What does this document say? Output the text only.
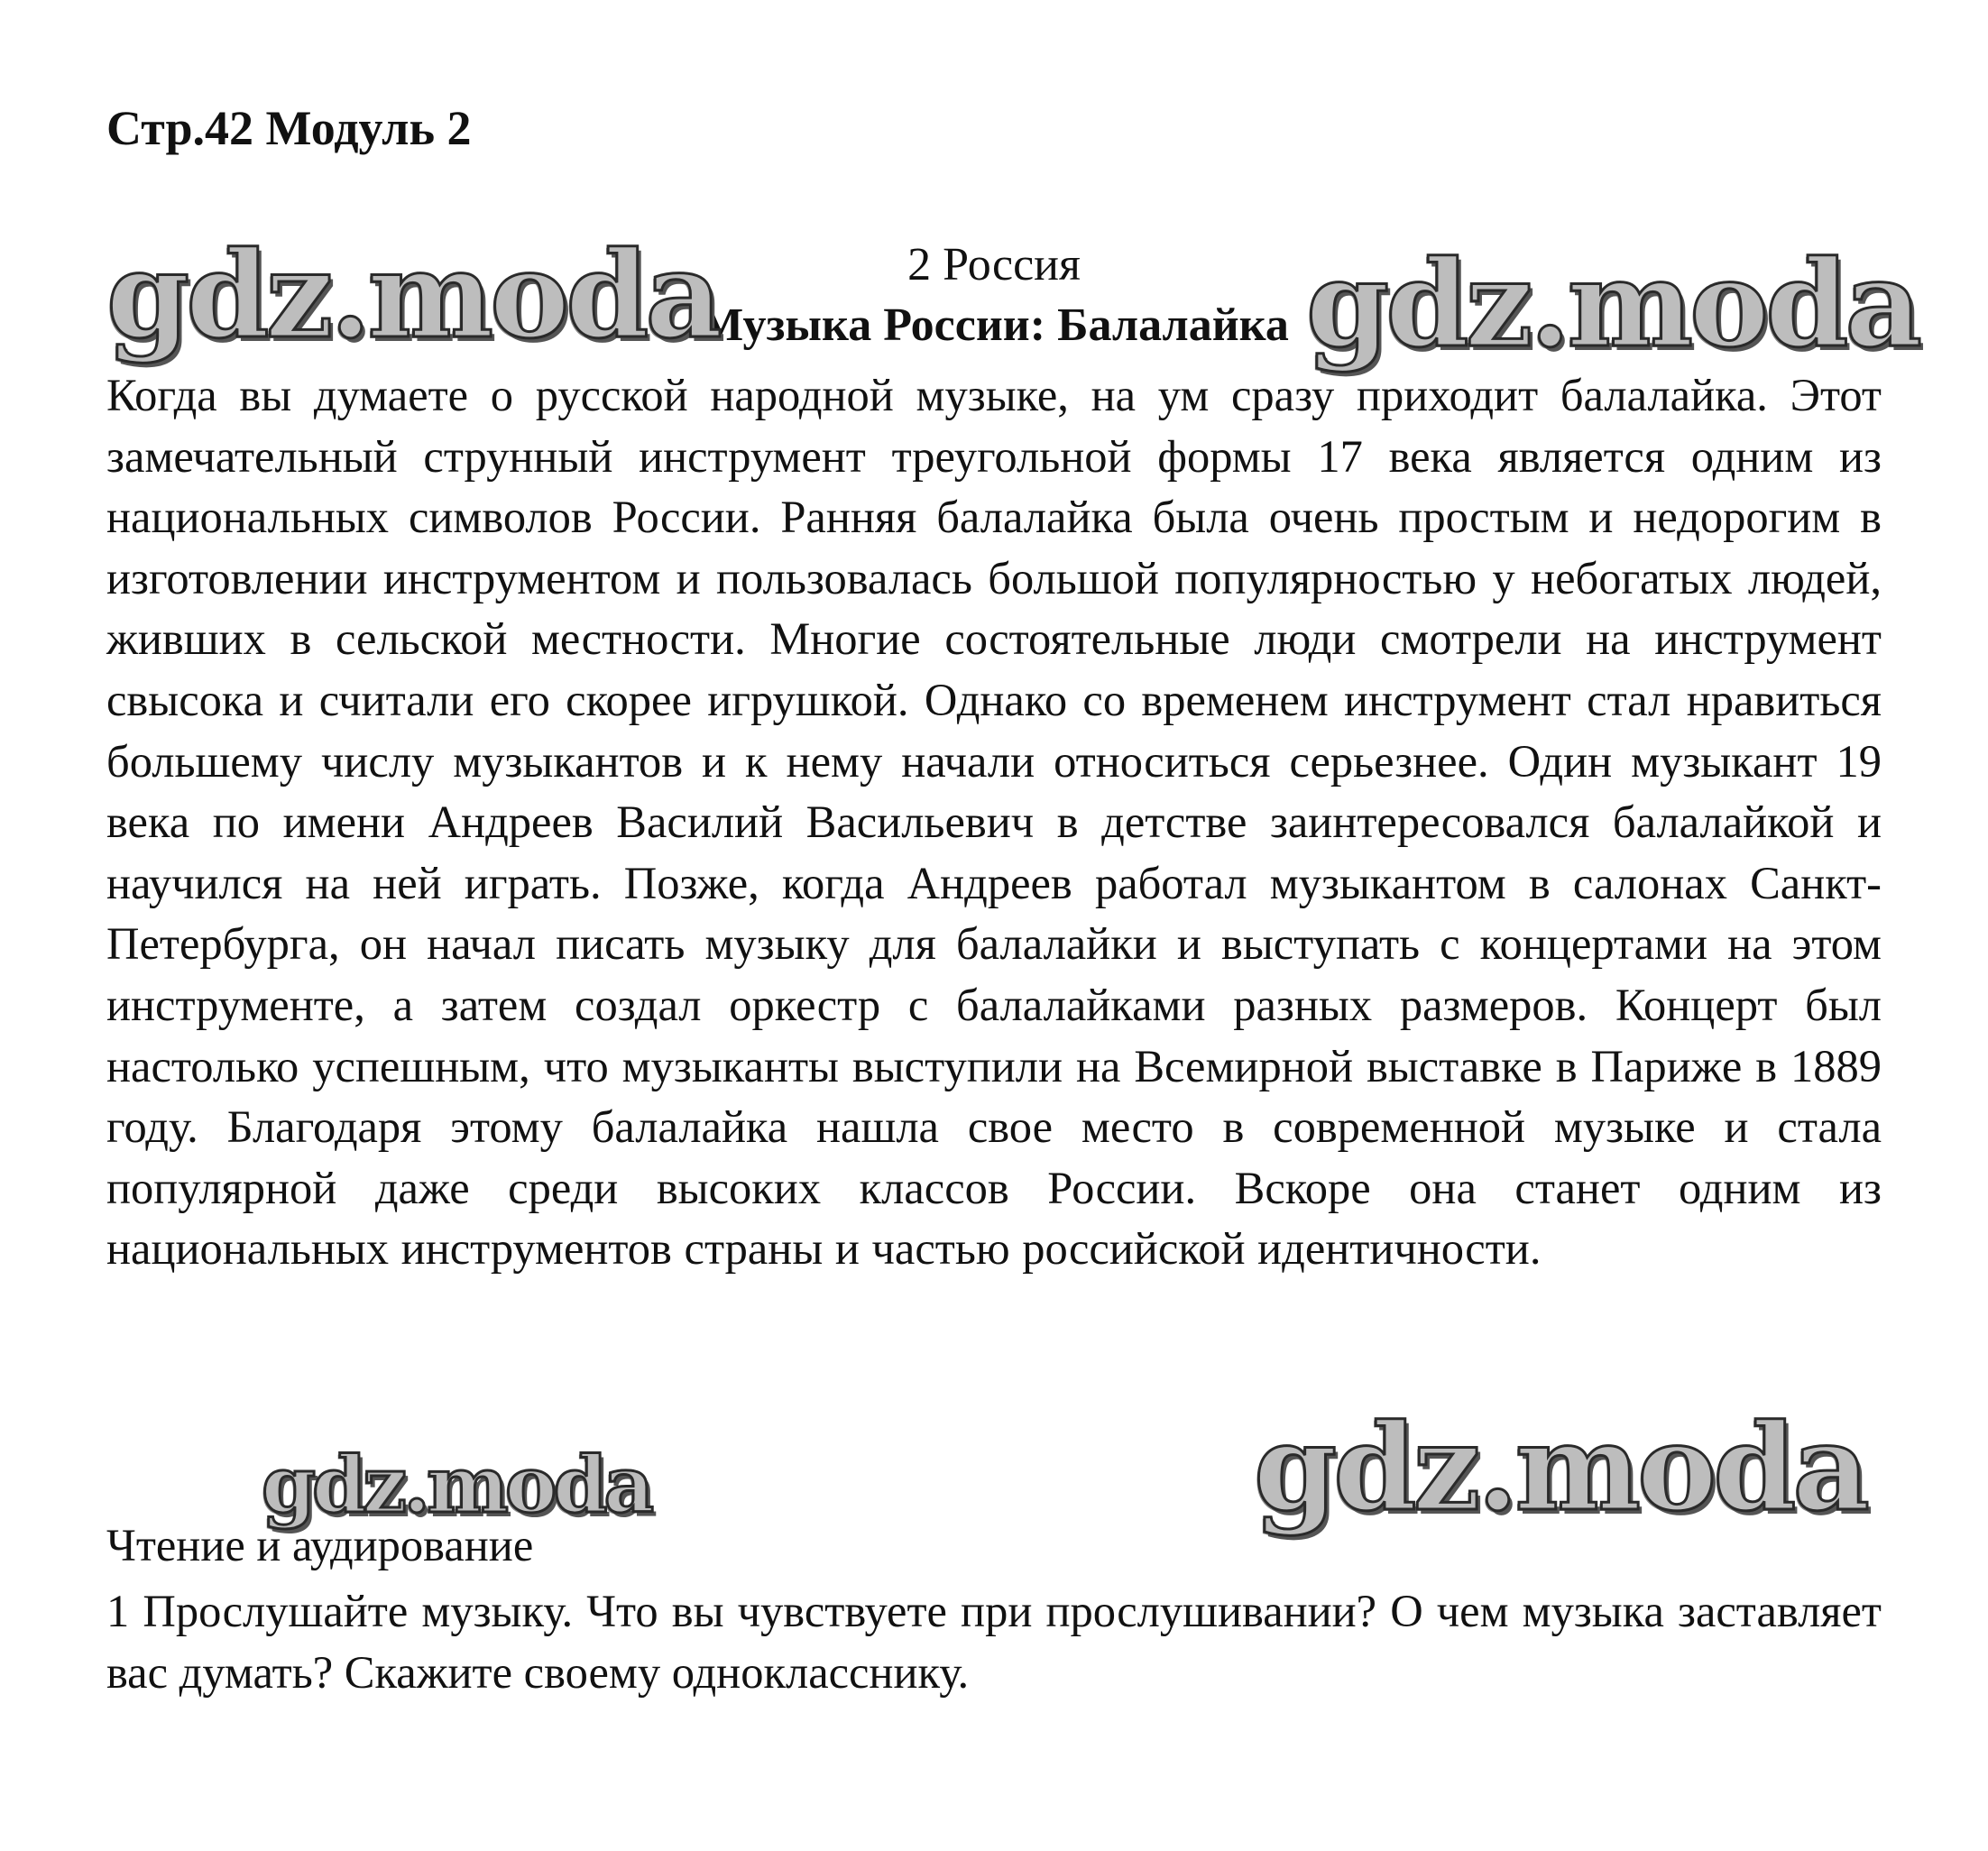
Стр.42 Модуль 2
2 Россия
Музыка России: Балалайка

Когда вы думаете о русской народной музыке, на ум сразу приходит балалайка. Этот замечательный струнный инструмент треугольной формы 17 века является одним из национальных символов России. Ранняя балалайка была очень простым и недорогим в изготовлении инструментом и пользовалась большой популярностью у небогатых людей, живших в сельской местности. Многие состоятельные люди смотрели на инструмент свысока и считали его скорее игрушкой. Однако со временем инструмент стал нравиться большему числу музыкантов и к нему начали относиться серьезнее. Один музыкант 19 века по имени Андреев Василий Васильевич в детстве заинтересовался балалайкой и научился на ней играть. Позже, когда Андреев работал музыкантом в салонах Санкт-Петербурга, он начал писать музыку для балалайки и выступать с концертами на этом инструменте, а затем создал оркестр с балалайками разных размеров. Концерт был настолько успешным, что музыканты выступили на Всемирной выставке в Париже в 1889 году. Благодаря этому балалайка нашла свое место в современной музыке и стала популярной даже среди высоких классов России. Вскоре она станет одним из национальных инструментов страны и частью российской идентичности.

Чтение и аудирование

1 Прослушайте музыку. Что вы чувствуете при прослушивании? О чем музыка заставляет вас думать? Скажите своему однокласснику.

gdz.moda	gdz.moda
gdz.moda
gdz.moda
